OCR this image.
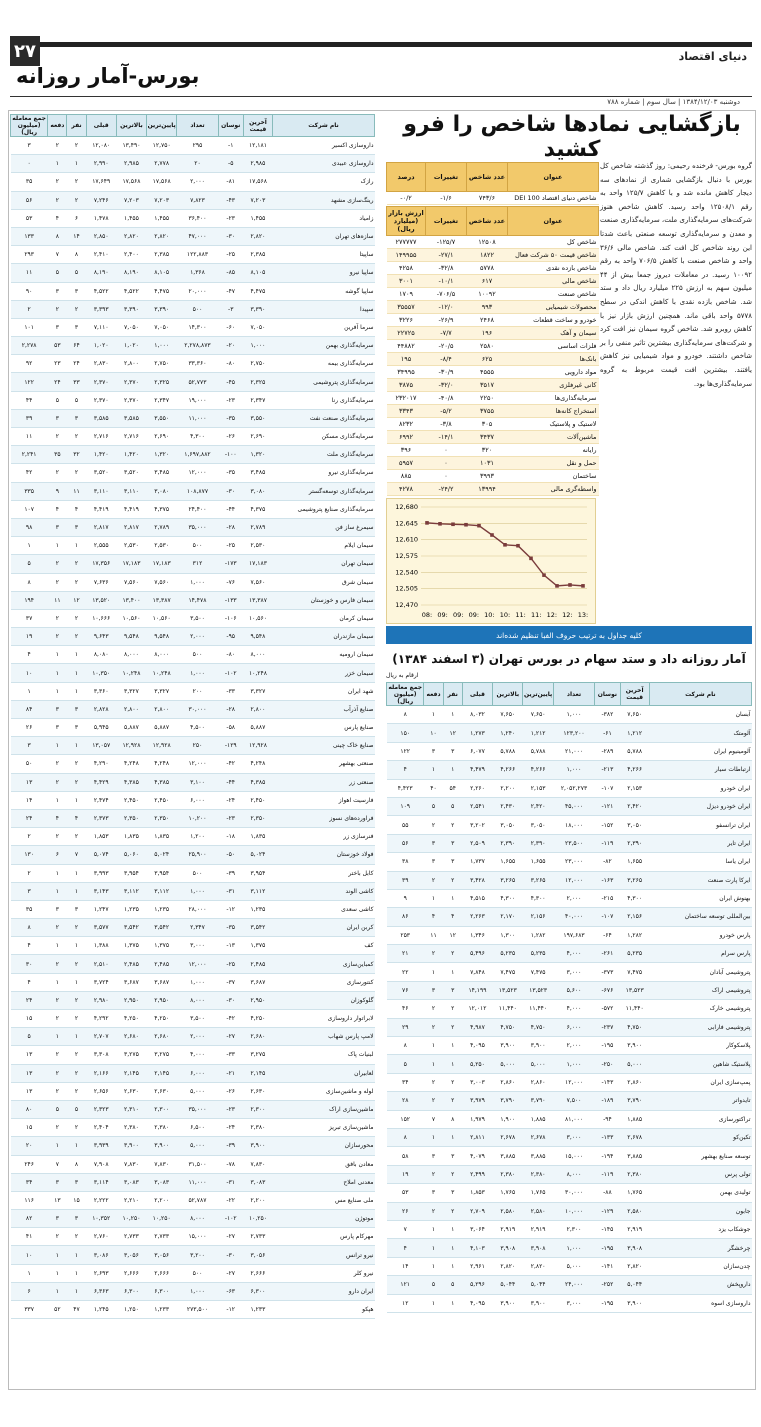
۲۷	دنیای اقتصاد
بورس-آمار روزانه
دوشنبه ۱۳۸۴/۱۲/۰۳ | سال سوم | شماره ۷۸۸
جمع معامله (میلیون ریال)	دفعه	نفر	قبلی	بالاترین	پایین‌ترین	تعداد	نوسان	آخرین قیمت	نام شرکت
۳	۲	۲	۱۲,۰۸۰	۱۳,۴۹۰	۱۲,۷۵۰	۲۹۵	-۱	۱۲,۱۸۱	داروسازی اکسیر
۰	۱	۱	۲,۹۹۰	۲,۹۸۵	۲,۷۷۸	۲۰	-۵	۲,۹۸۵	داروسازی عبیدی
۳۵	۲	۲	۱۷,۶۴۹	۱۷,۵۶۸	۱۷,۵۶۸	۲,۰۰۰	-۸۱	۱۷,۵۶۸	رازک
۵۶	۲	۲	۷,۲۴۶	۷,۲۰۳	۷,۲۰۳	۷,۸۲۳	-۴۳	۷,۲۰۳	رینگ‌سازی مشهد
۵۳	۴	۶	۱,۴۷۸	۱,۴۵۵	۱,۴۵۵	۳۶,۴۰۰	-۲۳	۱,۴۵۵	زامیاد
۱۳۳	۸	۱۴	۲,۸۵۰	۲,۸۲۰	۲,۸۲۰	۴۷,۰۰۰	-۳۰	۲,۸۲۰	سازه‌های تهران
۲۹۳	۷	۸	۲,۴۱۰	۲,۴۰۰	۲,۳۸۵	۱۲۲,۸۸۳	-۲۵	۲,۳۸۵	ساپیتا
۱۱	۵	۵	۸,۱۹۰	۸,۱۹۰	۸,۱۰۵	۱,۳۶۸	-۸۵	۸,۱۰۵	ساپیا نیرو
۹۰	۳	۳	۴,۵۲۲	۴,۵۲۲	۴,۴۷۵	۲۰,۰۰۰	-۴۷	۴,۴۷۵	ساپیا گوشه
۲	۲	۲	۳,۳۹۳	۳,۳۹۰	۳,۳۹۰	۵۰۰	-۳	۳,۳۹۰	سپیدا
۱۰۱	۳	۳	۷,۱۱۰	۷,۰۵۰	۷,۰۵۰	۱۴,۳۰۰	-۶۰	۷,۰۵۰	سرما آفرین
۲,۲۷۸	۵۳	۶۴	۱,۰۲۰	۱,۰۲۰	۱,۰۰۰	۲,۲۷۸,۸۷۳	-۲۰	۱,۰۰۰	سرمایه‌گذاری بهمن
۹۲	۲۳	۲۴	۲,۸۳۰	۲,۸۰۰	۲,۷۵۰	۳۳,۳۶۰	-۸۰	۲,۷۵۰	سرمایه‌گذاری بیمه
۱۲۲	۲۴	۳۳	۲,۳۷۰	۲,۳۷۰	۲,۳۲۵	۵۲,۷۷۳	-۴۵	۲,۳۲۵	سرمایه‌گذاری پتروشیمی
۴۴	۵	۵	۲,۳۷۰	۲,۳۷۰	۲,۳۴۷	۱۹,۰۰۰	-۲۳	۲,۳۴۷	سرمایه‌گذاری رنا
۳۹	۳	۳	۳,۵۸۵	۳,۵۸۵	۳,۵۵۰	۱۱,۰۰۰	-۳۵	۳,۵۵۰	سرمایه‌گذاری صنعت نفت
۱۱	۲	۲	۲,۷۱۶	۲,۷۱۶	۲,۶۹۰	۴,۳۰۰	-۲۶	۲,۶۹۰	سرمایه‌گذاری مسکن
۲,۲۴۱	۳۵	۳۲	۱,۴۲۰	۱,۴۲۰	۱,۳۲۰	۱,۶۹۷,۸۸۲	-۱۰۰	۱,۳۲۰	سرمایه‌گذاری ملت
۴۲	۲	۲	۳,۵۲۰	۳,۵۲۰	۳,۴۸۵	۱۲,۰۰۰	-۳۵	۳,۴۸۵	سرمایه‌گذاری نیرو
۳۳۵	۹	۱۱	۳,۱۱۰	۳,۱۱۰	۳,۰۸۰	۱۰۸,۸۷۷	-۳۰	۳,۰۸۰	سرمایه‌گذاری توسعه‌گستر
۱۰۷	۴	۴	۴,۴۱۹	۴,۴۱۹	۴,۳۷۵	۲۴,۴۰۰	-۴۴	۴,۳۷۵	سرمایه‌گذاری صنایع پتروشیمی
۹۸	۳	۳	۲,۸۱۷	۲,۸۱۷	۲,۷۸۹	۳۵,۰۰۰	-۲۸	۲,۷۸۹	سیمرغ ساز فن
۱	۱	۱	۲,۵۵۵	۲,۵۳۰	۲,۵۳۰	۵۰۰	-۲۵	۲,۵۳۰	سیمان ایلام
۵	۲	۲	۱۷,۳۵۶	۱۷,۱۸۳	۱۷,۱۸۳	۳۱۲	-۱۷۳	۱۷,۱۸۳	سیمان تهران
۸	۲	۲	۷,۶۳۶	۷,۵۶۰	۷,۵۶۰	۱,۰۰۰	-۷۶	۷,۵۶۰	سیمان شرق
۱۹۴	۱۱	۱۲	۱۳,۵۲۰	۱۳,۴۰۰	۱۳,۳۸۷	۱۴,۴۷۸	-۱۳۳	۱۳,۳۸۷	سیمان فارس و خوزستان
۳۷	۲	۲	۱۰,۶۶۶	۱۰,۵۶۰	۱۰,۵۶۰	۳,۵۰۰	-۱۰۶	۱۰,۵۶۰	سیمان کرمان
۱۹	۲	۲	۹,۶۴۳	۹,۵۴۸	۹,۵۴۸	۲,۰۰۰	-۹۵	۹,۵۴۸	سیمان مازندران
۴	۱	۱	۸,۰۸۰	۸,۰۰۰	۸,۰۰۰	۵۰۰	-۸۰	۸,۰۰۰	سیمان ارومیه
۱۰	۱	۱	۱۰,۳۵۰	۱۰,۲۴۸	۱۰,۲۴۸	۱,۰۰۰	-۱۰۲	۱۰,۲۴۸	سیمان خزر
۱	۱	۱	۳,۳۶۰	۳,۳۲۷	۳,۳۲۷	۲۰۰	-۳۳	۳,۳۲۷	شهد ایران
۸۴	۳	۳	۲,۸۲۸	۲,۸۰۰	۲,۸۰۰	۳۰,۰۰۰	-۲۸	۲,۸۰۰	صنایع آذرآب
۲۶	۳	۳	۵,۹۴۵	۵,۸۸۷	۵,۸۸۷	۴,۵۰۰	-۵۸	۵,۸۸۷	صنایع پارس
۳	۱	۱	۱۳,۰۵۷	۱۲,۹۲۸	۱۲,۹۲۸	۲۵۰	-۱۲۹	۱۲,۹۲۸	صنایع خاک چینی
۵۰	۲	۲	۴,۲۹۰	۴,۲۴۸	۴,۲۴۸	۱۲,۰۰۰	-۴۲	۴,۲۴۸	صنعتی بهشهر
۱۳	۲	۲	۴,۴۲۹	۴,۳۸۵	۴,۳۸۵	۳,۱۰۰	-۴۴	۴,۳۸۵	صنعتی زر
۱۴	۱	۱	۲,۴۷۴	۲,۴۵۰	۲,۴۵۰	۶,۰۰۰	-۲۴	۲,۴۵۰	فارسیت اهواز
۲۴	۴	۴	۲,۳۷۳	۲,۳۵۰	۲,۳۵۰	۱۰,۲۰۰	-۲۳	۲,۳۵۰	فراورده‌های نسوز
۲	۲	۲	۱,۸۵۳	۱,۸۳۵	۱,۸۳۵	۱,۲۰۰	-۱۸	۱,۸۳۵	فنرسازی زر
۱۳۰	۶	۷	۵,۰۷۴	۵,۰۶۰	۵,۰۲۴	۲۵,۹۰۰	-۵۰	۵,۰۲۴	فولاد خوزستان
۲	۱	۱	۳,۹۹۳	۳,۹۵۴	۳,۹۵۴	۵۰۰	-۳۹	۳,۹۵۴	کابل باختر
۳	۱	۱	۳,۱۴۳	۳,۱۱۲	۳,۱۱۲	۱,۰۰۰	-۳۱	۳,۱۱۲	کاشی الوند
۳۵	۳	۳	۱,۲۴۷	۱,۲۳۵	۱,۲۳۵	۲۸,۰۰۰	-۱۲	۱,۲۳۵	کاشی سعدی
۸	۲	۲	۳,۵۷۷	۳,۵۴۲	۳,۵۴۲	۲,۳۴۷	-۳۵	۳,۵۴۲	کربن ایران
۴	۱	۱	۱,۳۸۸	۱,۳۷۵	۱,۳۷۵	۳,۰۰۰	-۱۳	۱,۳۷۵	کف
۳۰	۲	۲	۲,۵۱۰	۲,۴۸۵	۲,۴۸۵	۱۲,۰۰۰	-۲۵	۲,۴۸۵	کمباین‌سازی
۴	۱	۱	۳,۷۲۴	۳,۶۸۷	۳,۶۸۷	۱,۰۰۰	-۳۷	۳,۶۸۷	کنتورسازی
۲۴	۲	۲	۲,۹۸۰	۲,۹۵۰	۲,۹۵۰	۸,۰۰۰	-۳۰	۲,۹۵۰	گلوکوزان
۱۵	۲	۲	۴,۲۹۲	۴,۲۵۰	۴,۲۵۰	۳,۵۰۰	-۴۲	۴,۲۵۰	لابراتوار داروسازی
۵	۱	۱	۲,۷۰۷	۲,۶۸۰	۲,۶۸۰	۲,۰۰۰	-۲۷	۲,۶۸۰	لامپ پارس شهاب
۱۳	۲	۲	۳,۳۰۸	۳,۲۷۵	۳,۲۷۵	۴,۰۰۰	-۳۳	۳,۲۷۵	لبنیات پاک
۱۳	۲	۲	۲,۱۶۶	۲,۱۴۵	۲,۱۴۵	۶,۰۰۰	-۲۱	۲,۱۴۵	لعابیران
۱۳	۲	۲	۲,۶۵۶	۲,۶۳۰	۲,۶۳۰	۵,۰۰۰	-۲۶	۲,۶۳۰	لوله و ماشین‌سازی
۸۰	۵	۵	۲,۳۲۳	۲,۳۱۰	۲,۳۰۰	۳۵,۰۰۰	-۲۳	۲,۳۰۰	ماشین‌سازی اراک
۱۵	۲	۲	۲,۴۰۴	۲,۳۸۰	۲,۳۸۰	۶,۵۰۰	-۲۴	۲,۳۸۰	ماشین‌سازی تبریز
۲۰	۱	۱	۳,۹۳۹	۳,۹۰۰	۳,۹۰۰	۵,۰۰۰	-۳۹	۳,۹۰۰	محورسازان
۲۴۶	۷	۸	۷,۹۰۸	۷,۸۳۰	۷,۸۳۰	۳۱,۵۰۰	-۷۸	۷,۸۳۰	معادن بافق
۳۴	۳	۳	۳,۱۱۴	۳,۰۸۳	۳,۰۸۳	۱۱,۰۰۰	-۳۱	۳,۰۸۳	معدنی املاح
۱۱۶	۱۳	۱۵	۲,۲۲۲	۲,۲۱۰	۲,۲۰۰	۵۲,۷۸۷	-۲۲	۲,۲۰۰	ملی صنایع مس
۸۲	۳	۳	۱۰,۳۵۲	۱۰,۲۵۰	۱۰,۲۵۰	۸,۰۰۰	-۱۰۲	۱۰,۲۵۰	موتوژن
۴۱	۲	۲	۲,۷۶۰	۲,۷۳۳	۲,۷۳۳	۱۵,۰۰۰	-۲۷	۲,۷۳۳	مهرکام پارس
۱۰	۱	۱	۳,۰۸۶	۳,۰۵۶	۳,۰۵۶	۳,۲۰۰	-۳۰	۳,۰۵۶	نیرو ترانس
۱	۱	۱	۲,۶۹۳	۲,۶۶۶	۲,۶۶۶	۵۰۰	-۲۷	۲,۶۶۶	نیرو کلر
۶	۱	۱	۶,۳۶۳	۶,۳۰۰	۶,۳۰۰	۱,۰۰۰	-۶۳	۶,۳۰۰	ایران دارو
۳۳۷	۵۲	۴۷	۱,۲۴۵	۱,۲۵۰	۱,۲۳۳	۲۷۳,۵۰۰	-۱۲	۱,۲۳۳	هپکو
بازگشایی نمادها شاخص را فرو کشید
گروه بورس- فرخنده رحیمی: روز گذشته شاخص کل بورس با دنبال بازگشایی شماری از نمادهای سه دیجار کاهش مانده شد و با کاهش ۱۲۵/۷ واحد به رقم ۱۲۵۰۸/۱ واحد رسید. کاهش شاخص هنوز شرکت‌های سرمایه‌گذاری ملت، سرمایه‌گذاری صنعت و معدن و سرمایه‌گذاری توسعه صنعتی باعث شدتا این روند شاخص کل افت کند. شاخص مالی ۳۶/۶ واحد و شاخص صنعت با کاهش ۷۰۶/۵ واحد به رقم ۱۰۰۹۲ رسید. در معاملات دیروز جمعا بیش از ۴۴ میلیون سهم به ارزش ۲۲۵ میلیارد ریال داد و ستد شد. شاخص بازده نقدی با کاهش اندکی در سطح ۵۷۷۸ واحد باقی ماند. همچنین ارزش بازار نیز با کاهش روبرو شد. شاخص گروه سیمان نیز افت کرد و شرکت‌های سرمایه‌گذاری بیشترین تاثیر منفی را بر شاخص داشتند. خودرو و مواد شیمیایی نیز کاهش یافتند. بیشترین افت قیمت مربوط به گروه سرمایه‌گذاری‌ها بود.
درصد	تغییرات	عدد شاخص	عنوان
-۰/۲	-۱/۶	۷۴۳/۶	شاخص دنیای اقتصاد DEI 100
ارزش بازار (میلیارد ریال)	تغییرات	عدد شاخص	عنوان
۲۷۷۷۷۷	-۱۲۵/۷	۱۲۵۰۸	شاخص کل
۱۴۹۹۵۵	-۲۷/۱	۱۸۲۲	شاخص قیمت ۵۰ شرکت فعال
۴۲۵۸	-۳۲/۸	۵۷۷۸	شاخص بازده نقدی
۳۰۰۱	-۱۰/۱	۶۱۷	شاخص مالی
۱۷۰۹	-۷۰۶/۵	۱۰۰۹۲	شاخص صنعت
۳۵۵۵۷	-۱۲/۰	۹۹۳	محصولات شیمیایی
۳۲۲۶	-۲۶/۹	۲۴۶۸	خودرو و ساخت قطعات
۲۲۷۲۵	-۷/۷	۱۹۶	سیمان و آهک
۴۴۸۸۲	-۲۰/۵	۲۵۸۰	فلزات اساسی
۱۹۵	-۸/۴	۶۲۵	بانک‌ها
۳۴۹۹۵	-۳۰/۹	۴۵۵۵	مواد دارویی
۳۸۷۵	-۳۲/۰	۳۵۱۷	کانی غیرفلزی
۲۳۲۰۱۷	-۴۰/۸	۲۲۵۰	سرمایه‌گذاری‌ها
۳۳۴۳	-۵/۲	۳۷۵۵	استخراج کانه‌ها
۸۲۳۲	-۳/۸	۳۰۵	لاستیک و پلاستیک
۶۹۹۲	-۱۴/۱	۳۴۳۷	ماشین‌آلات
۳۹۶	۰	۳۲۰	رایانه
۵۹۵۷	۰	۱۰۳۱	حمل و نقل
۸۸۵	۰	۳۹۹۳	ساختمان
۴۲۷۸	-۲۴/۲	۱۳۹۹۴	واسطه‌گری مالی
12,680
12,645
12,610
12,575
12,540
12,505
12,470
08: 09: 09: 09: 10: 10: 11: 11: 12: 12: 13:
کلیه جداول به ترتیب حروف الفبا تنظیم شده‌اند
آمار روزانه داد و ستد سهام در بورس تهران (۳ اسفند ۱۳۸۴)
ارقام به ریال
جمع معامله (میلیون ریال)	دفعه	نفر	قبلی	بالاترین	پایین‌ترین	تعداد	نوسان	آخرین قیمت	نام شرکت
۸	۱	۱	۸,۰۳۲	۷,۶۵۰	۷,۶۵۰	۱,۰۰۰	-۳۸۲	۷,۶۵۰	آبسان
۱۵۰	۱۰	۱۲	۱,۲۷۳	۱,۲۴۰	۱,۲۱۲	۱۲۳,۲۰۰	-۶۱	۱,۲۱۲	آلومتک
۱۲۲	۳	۳	۶,۰۷۷	۵,۷۸۸	۵,۷۸۸	۲۱,۰۰۰	-۲۸۹	۵,۷۸۸	آلومینیوم ایران
۴	۱	۱	۴,۴۷۹	۴,۲۶۶	۴,۲۶۶	۱,۰۰۰	-۲۱۳	۴,۲۶۶	ارتباطات سیار
۴,۴۲۳	۴۰	۵۴	۲,۲۶۰	۲,۲۰۰	۲,۱۵۳	۲,۰۵۲,۲۷۳	-۱۰۷	۲,۱۵۳	ایران خودرو
۱۰۹	۵	۵	۲,۵۴۱	۲,۴۳۰	۲,۴۲۰	۴۵,۰۰۰	-۱۲۱	۲,۴۲۰	ایران خودرو دیزل
۵۵	۲	۲	۳,۲۰۲	۳,۰۵۰	۳,۰۵۰	۱۸,۰۰۰	-۱۵۲	۳,۰۵۰	ایران ترانسفو
۵۶	۳	۳	۲,۵۰۹	۲,۳۹۰	۲,۳۹۰	۲۳,۵۰۰	-۱۱۹	۲,۳۹۰	ایران تایر
۳۸	۳	۳	۱,۷۳۷	۱,۶۵۵	۱,۶۵۵	۲۳,۰۰۰	-۸۲	۱,۶۵۵	ایران یاسا
۳۹	۲	۲	۳,۴۲۸	۳,۲۶۵	۳,۲۶۵	۱۲,۰۰۰	-۱۶۳	۳,۲۶۵	ایرکا پارت صنعت
۹	۱	۱	۴,۵۱۵	۴,۳۰۰	۴,۳۰۰	۲,۰۰۰	-۲۱۵	۴,۳۰۰	بهنوش ایران
۸۶	۴	۴	۲,۲۶۳	۲,۱۷۰	۲,۱۵۶	۴۰,۰۰۰	-۱۰۷	۲,۱۵۶	بین‌المللی توسعه ساختمان
۲۵۳	۱۱	۱۲	۱,۳۴۶	۱,۳۰۰	۱,۲۸۲	۱۹۷,۶۸۳	-۶۴	۱,۲۸۲	پارس خودرو
۲۱	۲	۲	۵,۴۹۶	۵,۲۳۵	۵,۲۳۵	۴,۰۰۰	-۲۶۱	۵,۲۳۵	پارس سرام
۲۲	۱	۱	۷,۸۴۸	۷,۴۷۵	۷,۴۷۵	۳,۰۰۰	-۳۷۳	۷,۴۷۵	پتروشیمی آبادان
۷۶	۳	۳	۱۴,۱۹۹	۱۳,۵۲۳	۱۳,۵۲۳	۵,۶۰۰	-۶۷۶	۱۳,۵۲۳	پتروشیمی اراک
۴۶	۲	۲	۱۲,۰۱۲	۱۱,۴۴۰	۱۱,۴۴۰	۴,۰۰۰	-۵۷۲	۱۱,۴۴۰	پتروشیمی خارک
۲۹	۲	۲	۴,۹۸۷	۴,۷۵۰	۴,۷۵۰	۶,۰۰۰	-۲۳۷	۴,۷۵۰	پتروشیمی فارابی
۸	۱	۱	۴,۰۹۵	۳,۹۰۰	۳,۹۰۰	۲,۰۰۰	-۱۹۵	۳,۹۰۰	پلاسکوکار
۵	۱	۱	۵,۲۵۰	۵,۰۰۰	۵,۰۰۰	۱,۰۰۰	-۲۵۰	۵,۰۰۰	پلاستیک شاهین
۳۴	۲	۲	۳,۰۰۳	۲,۸۶۰	۲,۸۶۰	۱۲,۰۰۰	-۱۴۳	۲,۸۶۰	پمپ‌سازی ایران
۲۸	۲	۲	۳,۹۷۹	۳,۷۹۰	۳,۷۹۰	۷,۵۰۰	-۱۸۹	۳,۷۹۰	تایدواتر
۱۵۲	۷	۸	۱,۹۷۹	۱,۹۰۰	۱,۸۸۵	۸۱,۰۰۰	-۹۴	۱,۸۸۵	تراکتورسازی
۸	۱	۱	۲,۸۱۱	۲,۶۷۸	۲,۶۷۸	۳,۰۰۰	-۱۳۳	۲,۶۷۸	تکین‌کو
۵۸	۳	۳	۴,۰۷۹	۳,۸۸۵	۳,۸۸۵	۱۵,۰۰۰	-۱۹۴	۳,۸۸۵	توسعه صنایع بهشهر
۱۹	۲	۲	۲,۴۹۹	۲,۳۸۰	۲,۳۸۰	۸,۰۰۰	-۱۱۹	۲,۳۸۰	تولی پرس
۵۳	۳	۳	۱,۸۵۳	۱,۷۶۵	۱,۷۶۵	۳۰,۰۰۰	-۸۸	۱,۷۶۵	تولیدی بهمن
۲۶	۲	۲	۲,۷۰۹	۲,۵۸۰	۲,۵۸۰	۱۰,۰۰۰	-۱۲۹	۲,۵۸۰	جابون
۷	۱	۱	۳,۰۶۴	۲,۹۱۹	۲,۹۱۹	۲,۳۰۰	-۱۴۵	۲,۹۱۹	جوشکاب یزد
۴	۱	۱	۴,۱۰۳	۳,۹۰۸	۳,۹۰۸	۱,۰۰۰	-۱۹۵	۳,۹۰۸	چرخشگر
۱۴	۱	۱	۲,۹۶۱	۲,۸۲۰	۲,۸۲۰	۵,۰۰۰	-۱۴۱	۲,۸۲۰	چدن‌سازان
۱۲۱	۵	۵	۵,۲۹۶	۵,۰۴۴	۵,۰۴۴	۲۴,۰۰۰	-۲۵۲	۵,۰۴۴	داروپخش
۱۲	۱	۱	۴,۰۹۵	۳,۹۰۰	۳,۹۰۰	۳,۰۰۰	-۱۹۵	۳,۹۰۰	داروسازی اسوه
